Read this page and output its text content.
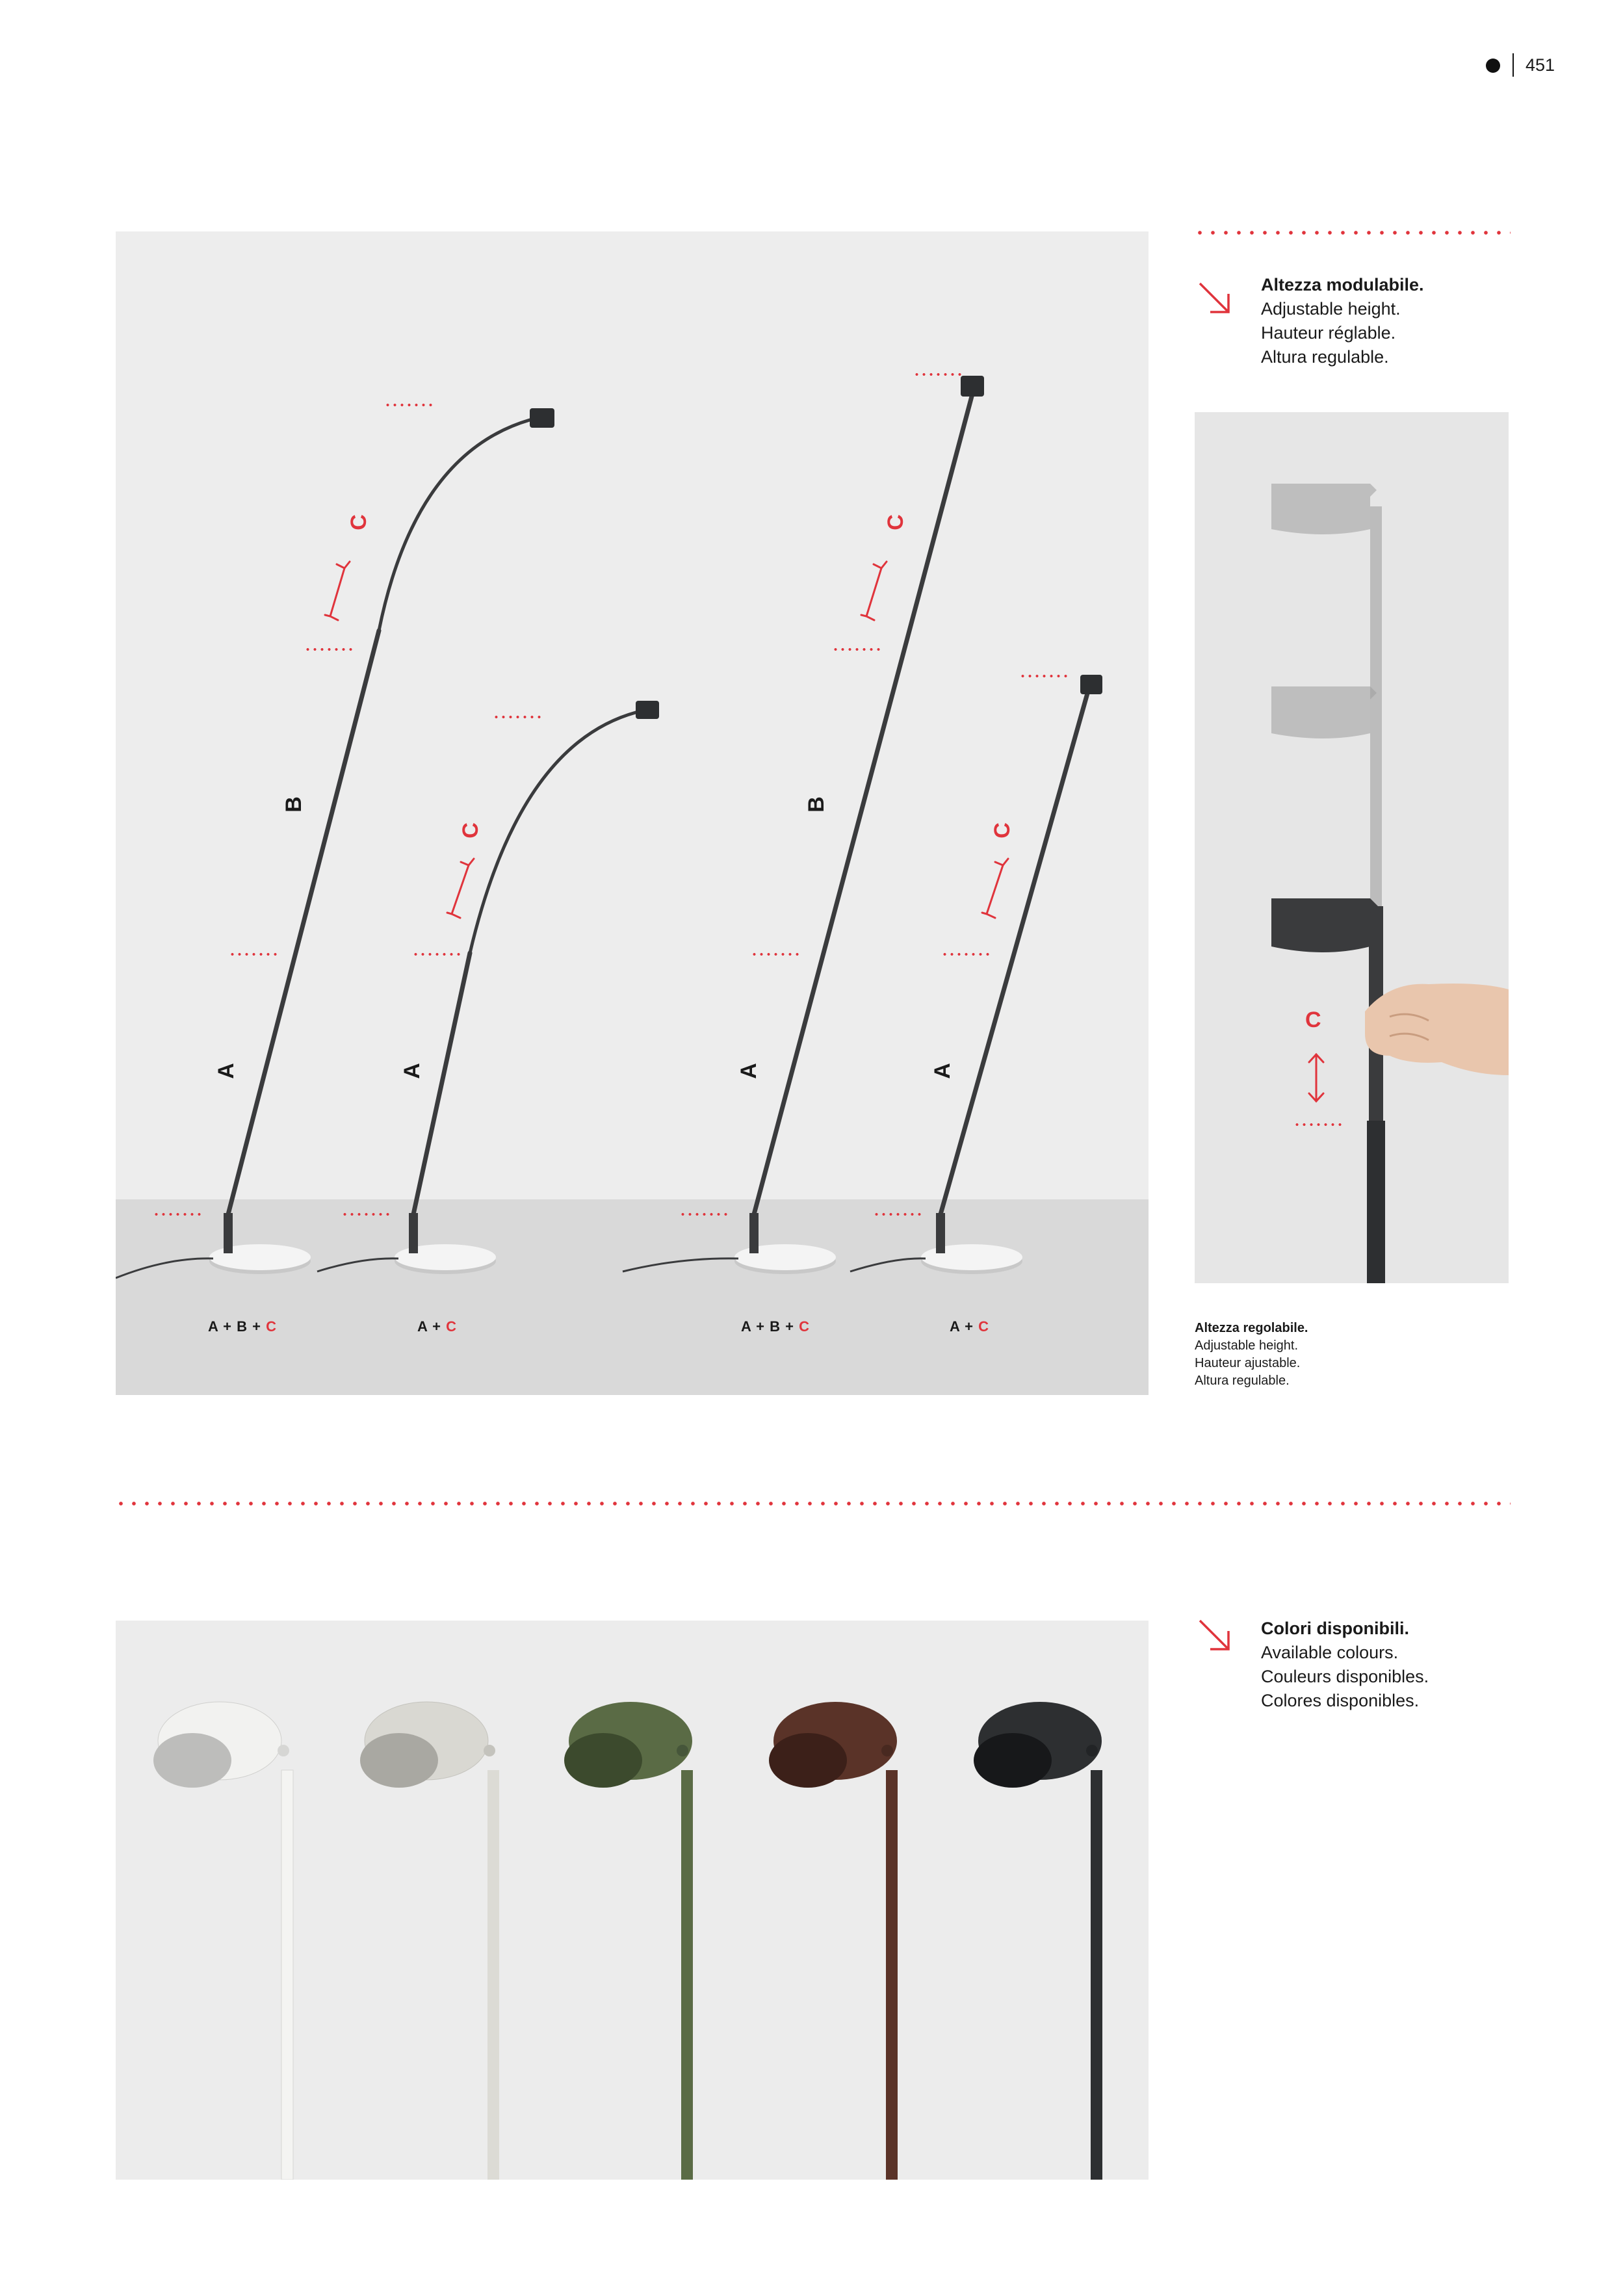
451
C
B
A
C
A
C
B
A
C
A
A + B + C	A + C	A + B + C	A + C
Altezza modulabile.
Adjustable height.
Hauteur réglable.
Altura regulable.
C
Altezza regolabile.
Adjustable height.
Hauteur ajustable.
Altura regulable.
Colori disponibili.
Available colours.
Couleurs disponibles.
Colores disponibles.
